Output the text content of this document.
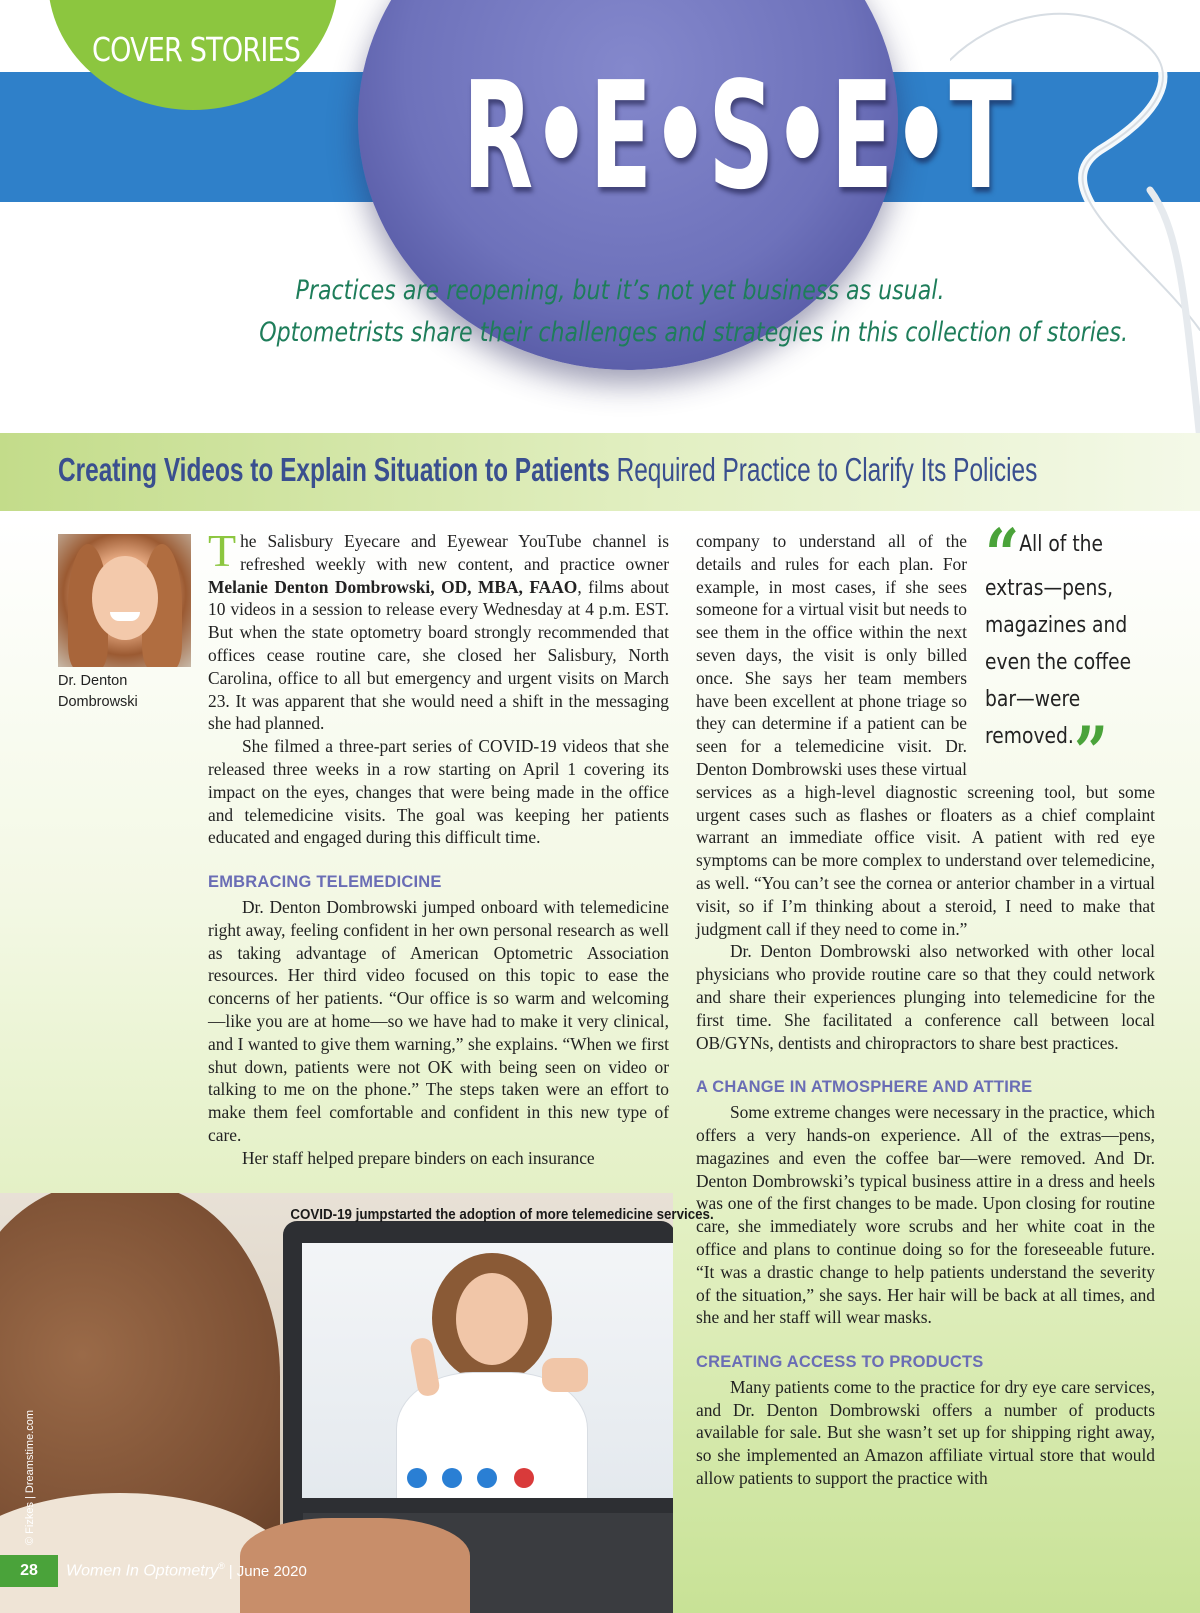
COVER STORIES
R•E•S•E•T
Practices are reopening, but it’s not yet business as usual.
Optometrists share their challenges and strategies in this collection of stories.
Creating Videos to Explain Situation to Patients Required Practice to Clarify Its Policies
Dr. Denton
Dombrowski

The Salisbury Eyecare and Eyewear YouTube channel is refreshed weekly with new content, and practice owner Melanie Denton Dombrowski, OD, MBA, FAAO, films about 10 videos in a session to release every Wednesday at 4 p.m. EST. But when the state optometry board strongly recommended that offices cease routine care, she closed her Salisbury, North Carolina, office to all but emergency and urgent visits on March 23. It was apparent that she would need a shift in the messaging she had planned.

She filmed a three-part series of COVID-19 videos that she released three weeks in a row starting on April 1 covering its impact on the eyes, changes that were being made in the office and telemedicine visits. The goal was keeping her patients educated and engaged during this difficult time.

EMBRACING TELEMEDICINE

Dr. Denton Dombrowski jumped onboard with telemedicine right away, feeling confident in her own personal research as well as taking advantage of American Optometric Association resources. Her third video focused on this topic to ease the concerns of her patients. “Our office is so warm and welcoming—like you are at home—so we have had to make it very clinical, and I wanted to give them warning,” she explains. “When we first shut down, patients were not OK with being seen on video or talking to me on the phone.” The steps taken were an effort to make them feel comfortable and confident in this new type of care.

Her staff helped prepare binders on each insurance

“All of the extras—pens, magazines and even the coffee bar—were removed.”

company to understand all of the details and rules for each plan. For example, in most cases, if she sees someone for a virtual visit but needs to see them in the office within the next seven days, the visit is only billed once. She says her team members have been excellent at phone triage so they can determine if a patient can be seen for a telemedicine visit. Dr. Denton Dombrowski uses these virtual services as a high-level diagnostic screening tool, but some urgent cases such as flashes or floaters as a chief complaint warrant an immediate office visit. A patient with red eye symptoms can be more complex to understand over telemedicine, as well. “You can’t see the cornea or anterior chamber in a virtual visit, so if I’m thinking about a steroid, I need to make that judgment call if they need to come in.”

Dr. Denton Dombrowski also networked with other local physicians who provide routine care so that they could network and share their experiences plunging into telemedicine for the first time. She facilitated a conference call between local OB/GYNs, dentists and chiropractors to share best practices.

A CHANGE IN ATMOSPHERE AND ATTIRE

Some extreme changes were necessary in the practice, which offers a very hands-on experience. All of the extras—pens, magazines and even the coffee bar—were removed. And Dr. Denton Dombrowski’s typical business attire in a dress and heels was one of the first changes to be made. Upon closing for routine care, she immediately wore scrubs and her white coat in the office and plans to continue doing so for the foreseeable future. “It was a drastic change to help patients understand the severity of the situation,” she says. Her hair will be back at all times, and she and her staff will wear masks.

CREATING ACCESS TO PRODUCTS

Many patients come to the practice for dry eye care services, and Dr. Denton Dombrowski offers a number of products available for sale. But she wasn’t set up for shipping right away, so she implemented an Amazon affiliate virtual store that would allow patients to support the practice with

COVID-19 jumpstarted the adoption of more telemedicine services.
© Fizkes | Dreamstime.com
28	Women In Optometry® | June 2020
